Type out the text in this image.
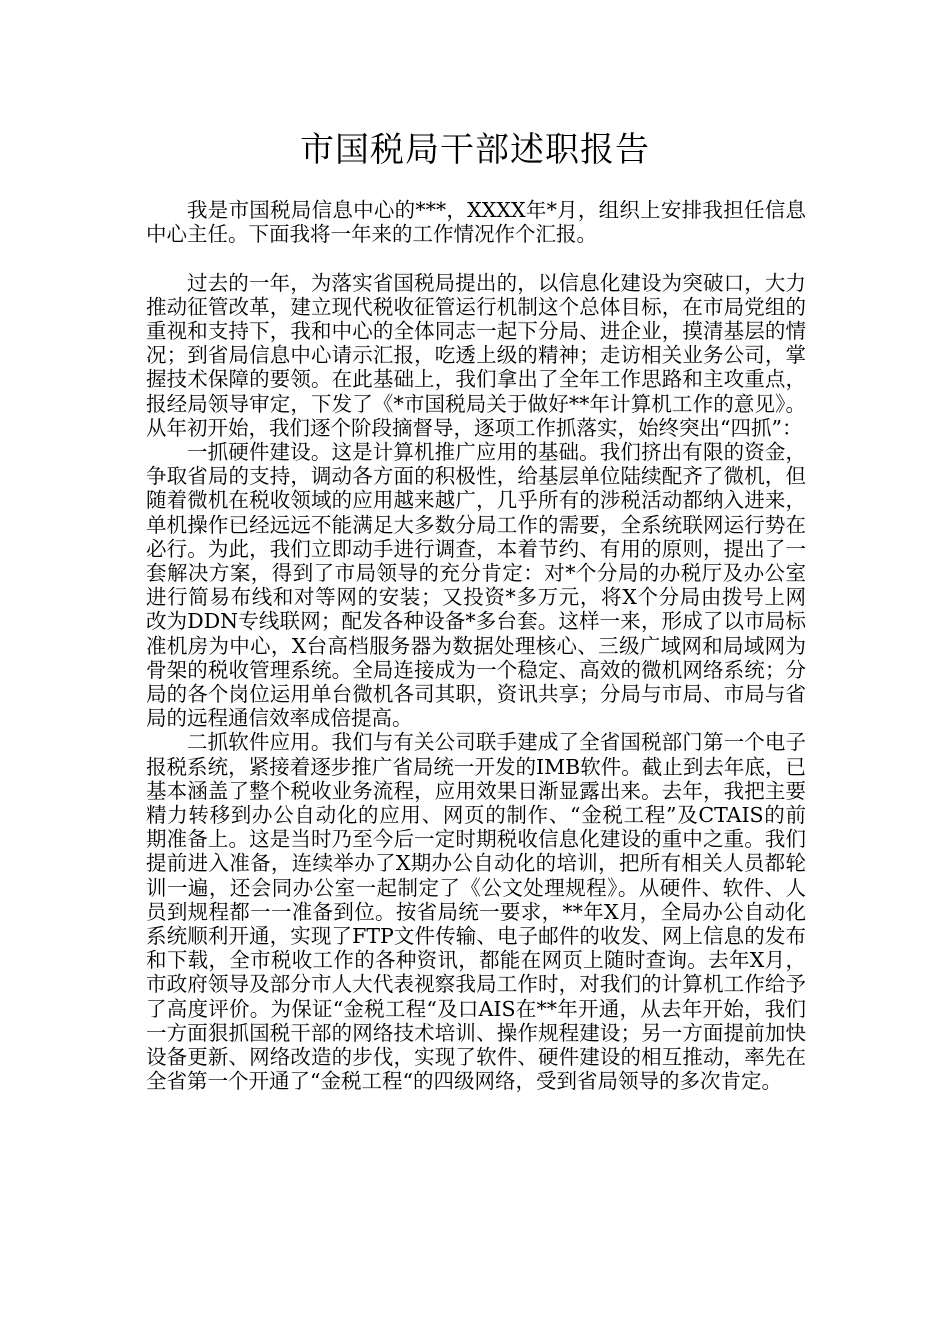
市国税局干部述职报告

我是市国税局信息中心的***，XXXX年*月，组织上安排我担任信息中心主任。下面我将一年来的工作情况作个汇报。

过去的一年，为落实省国税局提出的，以信息化建设为突破口，大力推动征管改革，建立现代税收征管运行机制这个总体目标，在市局党组的重视和支持下，我和中心的全体同志一起下分局、进企业，摸清基层的情况；到省局信息中心请示汇报，吃透上级的精神；走访相关业务公司，掌握技术保障的要领。在此基础上，我们拿出了全年工作思路和主攻重点，报经局领导审定，下发了《*市国税局关于做好**年计算机工作的意见》。从年初开始，我们逐个阶段摘督导，逐项工作抓落实，始终突出“四抓”：

一抓硬件建设。这是计算机推广应用的基础。我们挤出有限的资金，争取省局的支持，调动各方面的积极性，给基层单位陆续配齐了微机，但随着微机在税收领域的应用越来越广，几乎所有的涉税活动都纳入进来，单机操作已经远远不能满足大多数分局工作的需要，全系统联网运行势在必行。为此，我们立即动手进行调查，本着节约、有用的原则，提出了一套解决方案，得到了市局领导的充分肯定：对*个分局的办税厅及办公室进行简易布线和对等网的安装；又投资*多万元，将X个分局由拨号上网改为DDN专线联网；配发各种设备*多台套。这样一来，形成了以市局标准机房为中心，X台高档服务器为数据处理核心、三级广域网和局域网为骨架的税收管理系统。全局连接成为一个稳定、高效的微机网络系统；分局的各个岗位运用单台微机各司其职，资讯共享；分局与市局、市局与省局的远程通信效率成倍提高。

二抓软件应用。我们与有关公司联手建成了全省国税部门第一个电子报税系统，紧接着逐步推广省局统一开发的IMB软件。截止到去年底，已基本涵盖了整个税收业务流程，应用效果日渐显露出来。去年，我把主要精力转移到办公自动化的应用、网页的制作、“金税工程”及CTAIS的前期准备上。这是当时乃至今后一定时期税收信息化建设的重中之重。我们提前进入准备，连续举办了X期办公自动化的培训，把所有相关人员都轮训一遍，还会同办公室一起制定了《公文处理规程》。从硬件、软件、人员到规程都一一准备到位。按省局统一要求，**年X月，全局办公自动化系统顺利开通，实现了FTP文件传输、电子邮件的收发、网上信息的发布和下载，全市税收工作的各种资讯，都能在网页上随时查询。去年X月，市政府领导及部分市人大代表视察我局工作时，对我们的计算机工作给予了高度评价。为保证“金税工程“及口AIS在**年开通，从去年开始，我们一方面狠抓国税干部的网络技术培训、操作规程建设；另一方面提前加快设备更新、网络改造的步伐，实现了软件、硬件建设的相互推动，率先在全省第一个开通了“金税工程“的四级网络，受到省局领导的多次肯定。
